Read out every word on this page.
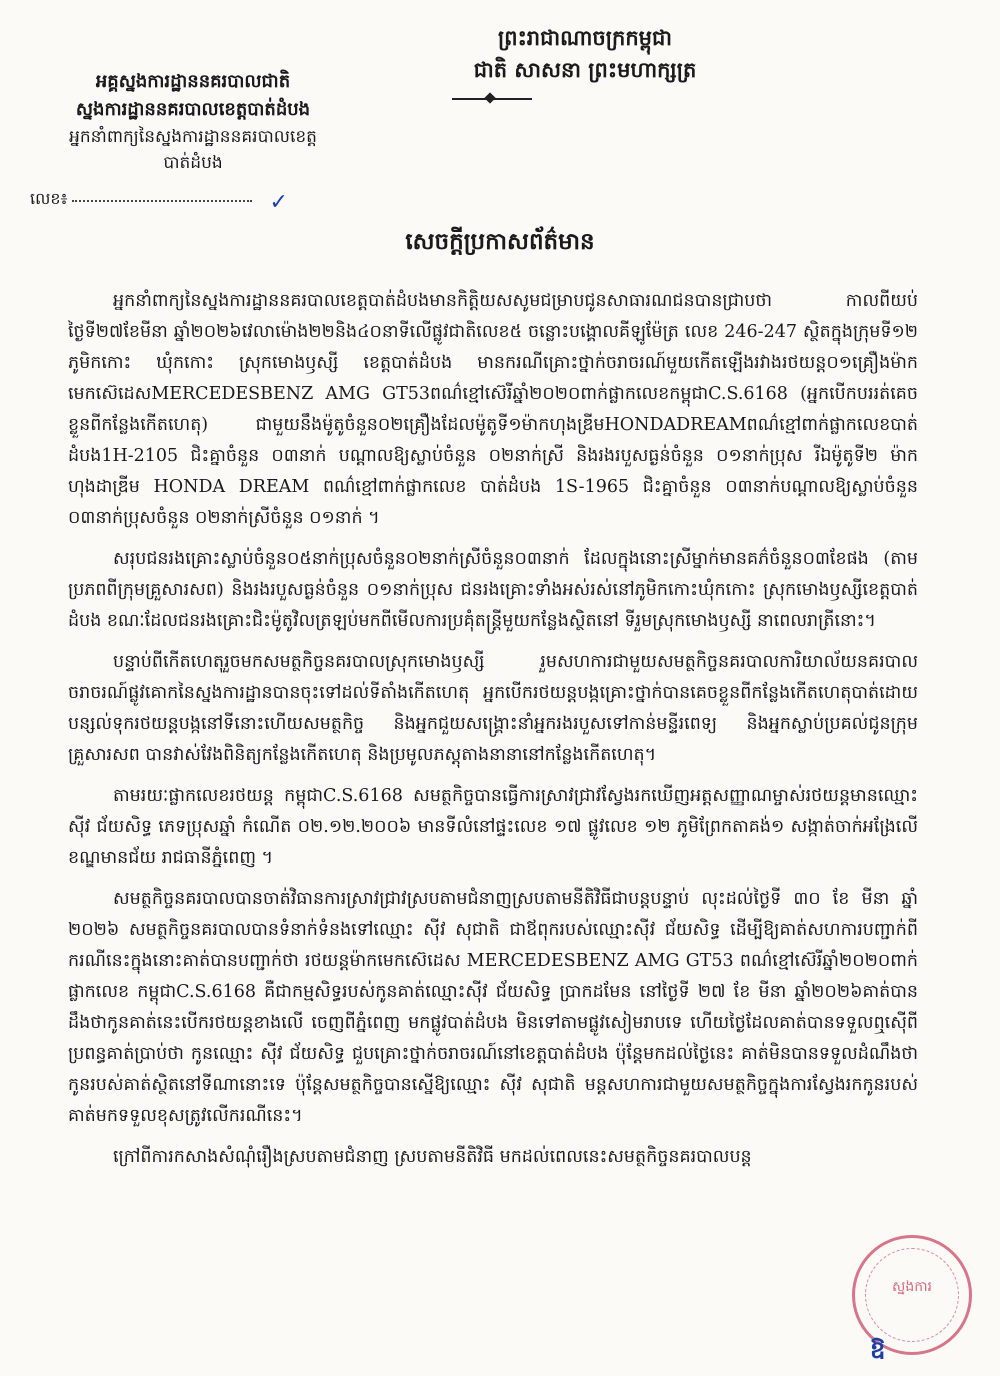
ព្រះរាជាណាចក្រកម្ពុជា
ជាតិ សាសនា ព្រះមហាក្សត្រ
អគ្គស្នងការដ្ឋាននគរបាលជាតិ
ស្នងការដ្ឋាននគរបាលខេត្តបាត់ដំបង
អ្នកនាំពាក្យនៃស្នងការដ្ឋាននគរបាលខេត្ត
បាត់ដំបង
លេខ៖	✓
សេចក្តីប្រកាសព័ត៌មាន

អ្នកនាំពាក្យនៃស្នងការដ្ឋាននគរបាលខេត្តបាត់ដំបងមានកិត្តិយសសូមជម្រាបជូនសាធារណជនបានជ្រាបថា កាលពីយប់ថ្ងៃទី២៧ខែមីនា ឆ្នាំ២០២៦វេលាម៉ោង២២និង៤០នាទីលើផ្លូវជាតិលេខ៥ ចន្លោះបង្គោលគីឡូម៉ែត្រ លេខ 246-247 ស្ថិតក្នុងក្រុមទី១២ ភូមិកកោះ ឃុំកកោះ ស្រុកមោងឫស្សី ខេត្តបាត់ដំបង មានករណីគ្រោះថ្នាក់ចរាចរណ៍មួយកើតឡើងរវាងរថយន្ត០១គ្រឿងម៉ាកមេកស៊េដេសMERCEDESBENZ AMG GT53ពណ៌ខ្មៅស៊េរីឆ្នាំ២០២០ពាក់ផ្លាកលេខកម្ពុជាC.S.6168 (អ្នកបើកបររត់គេចខ្លួនពីកន្លែងកើតហេតុ) ជាមួយនឹងម៉ូតូចំនួន០២គ្រឿងដែលម៉ូតូទី១ម៉ាកហុងឌ្រីមHONDADREAMពណ៌ខ្មៅពាក់ផ្លាកលេខបាត់ដំបង1H-2105 ជិះគ្នាចំនួន ០៣នាក់ បណ្តាលឱ្យស្លាប់ចំនួន ០២នាក់ស្រី និងរងរបួសធ្ងន់ចំនួន ០១នាក់ប្រុស រីឯម៉ូតូទី២ ម៉ាកហុងដាឌ្រីម HONDA DREAM ពណ៌ខ្មៅពាក់ផ្លាកលេខ បាត់ដំបង 1S-1965 ជិះគ្នាចំនួន ០៣នាក់បណ្តាលឱ្យស្លាប់ចំនួន ០៣នាក់ប្រុសចំនួន ០២នាក់ស្រីចំនួន ០១នាក់ ។

សរុបជនរងគ្រោះស្លាប់ចំនួន០៥នាក់ប្រុសចំនួន០២នាក់ស្រីចំនួន០៣នាក់ ដែលក្នុងនោះស្រីម្នាក់មានគភ៌ចំនួន០៣ខែផង (តាមប្រភពពីក្រុមគ្រួសារសព) និងរងរបួសធ្ងន់ចំនួន ០១នាក់ប្រុស ជនរងគ្រោះទាំងអស់រស់នៅភូមិកកោះឃុំកកោះ ស្រុកមោងឫស្សីខេត្តបាត់ដំបង ខណៈដែលជនរងគ្រោះជិះម៉ូតូវិលត្រឡប់មកពីមើលការប្រគុំតន្ត្រីមួយកន្លែងស្ថិតនៅ ទីរួមស្រុកមោងឫស្សី នាពេលរាត្រីនោះ។

បន្ទាប់ពីកើតហេតុរួចមកសមត្ថកិច្ចនគរបាលស្រុកមោងឫស្សី រួមសហការជាមួយសមត្ថកិច្ចនគរបាលការិយាល័យនគរបាលចរាចរណ៍ផ្លូវគោកនៃស្នងការដ្ឋានបានចុះទៅដល់ទីតាំងកើតហេតុ អ្នកបើករថយន្តបង្កគ្រោះថ្នាក់បានគេចខ្លួនពីកន្លែងកើតហេតុបាត់ដោយបន្សល់ទុករថយន្តបង្កនៅទីនោះហើយសមត្ថកិច្ច និងអ្នកជួយសង្គ្រោះនាំអ្នករងរបួសទៅកាន់មន្ទីរពេទ្យ និងអ្នកស្លាប់ប្រគល់ជូនក្រុមគ្រួសារសព បានវាស់វែងពិនិត្យកន្លែងកើតហេតុ និងប្រមូលភស្តុតាងនានានៅកន្លែងកើតហេតុ។

តាមរយៈផ្លាកលេខរថយន្ត កម្ពុជាC.S.6168 សមត្ថកិច្ចបានធ្វើការស្រាវជ្រាវស្វែងរកឃើញអត្តសញ្ញាណម្ចាស់រថយន្តមានឈ្មោះ ស៊ីវ ជ័យសិទ្ធ ភេទប្រុសឆ្នាំ កំណើត ០២.១២.២០០៦ មានទីលំនៅផ្ទះលេខ ១៧ ផ្លូវលេខ ១២ ភូមិព្រែកតាគង់១ សង្កាត់ចាក់អង្រែលើ ខណ្ឌមានជ័យ រាជធានីភ្នំពេញ ។

សមត្ថកិច្ចនគរបាលបានចាត់វិធានការស្រាវជ្រាវស្របតាមជំនាញស្របតាមនីតិវិធីជាបន្តបន្ទាប់ លុះដល់ថ្ងៃទី ៣០ ខែ មីនា ឆ្នាំ ២០២៦ សមត្ថកិច្ចនគរបាលបានទំនាក់ទំនងទៅឈ្មោះ ស៊ីវ សុជាតិ ជាឪពុករបស់ឈ្មោះស៊ីវ ជ័យសិទ្ធ ដើម្បីឱ្យគាត់សហការបញ្ជាក់ពីករណីនេះក្នុងនោះគាត់បានបញ្ជាក់ថា រថយន្តម៉ាកមេកស៊េដេស MERCEDESBENZ AMG GT53 ពណ៌ខ្មៅស៊េរីឆ្នាំ២០២០ពាក់ផ្លាកលេខ កម្ពុជាC.S.6168 គឺជាកម្មសិទ្ធរបស់កូនគាត់ឈ្មោះស៊ីវ ជ័យសិទ្ធ ប្រាកដមែន នៅថ្ងៃទី ២៧ ខែ មីនា ឆ្នាំ២០២៦គាត់បានដឹងថាកូនគាត់នេះបើករថយន្តខាងលើ ចេញពីភ្នំពេញ មកផ្លូវបាត់ដំបង មិនទៅតាមផ្លូវសៀមរាបទេ ហើយថ្ងៃដែលគាត់បានទទួលឮស៊ើពីប្រពន្ធគាត់ប្រាប់ថា កូនឈ្មោះ ស៊ីវ ជ័យសិទ្ធ ជួបគ្រោះថ្នាក់ចរាចរណ៍នៅខេត្តបាត់ដំបង ប៉ុន្តែមកដល់ថ្ងៃនេះ គាត់មិនបានទទួលដំណឹងថា កូនរបស់គាត់ស្ថិតនៅទីណានោះទេ ប៉ុន្តែសមត្ថកិច្ចបានស្នើឱ្យឈ្មោះ ស៊ីវ សុជាតិ មន្តសហការជាមួយសមត្ថកិច្ចក្នុងការស្វែងរកកូនរបស់គាត់មកទទួលខុសត្រូវលើករណីនេះ។

ក្រៅពីការកសាងសំណុំរឿងស្របតាមជំនាញ ស្របតាមនីតិវិធី មកដល់ពេលនេះសមត្ថកិច្ចនគរបាលបន្ត

ស្នងការ
ឱ
